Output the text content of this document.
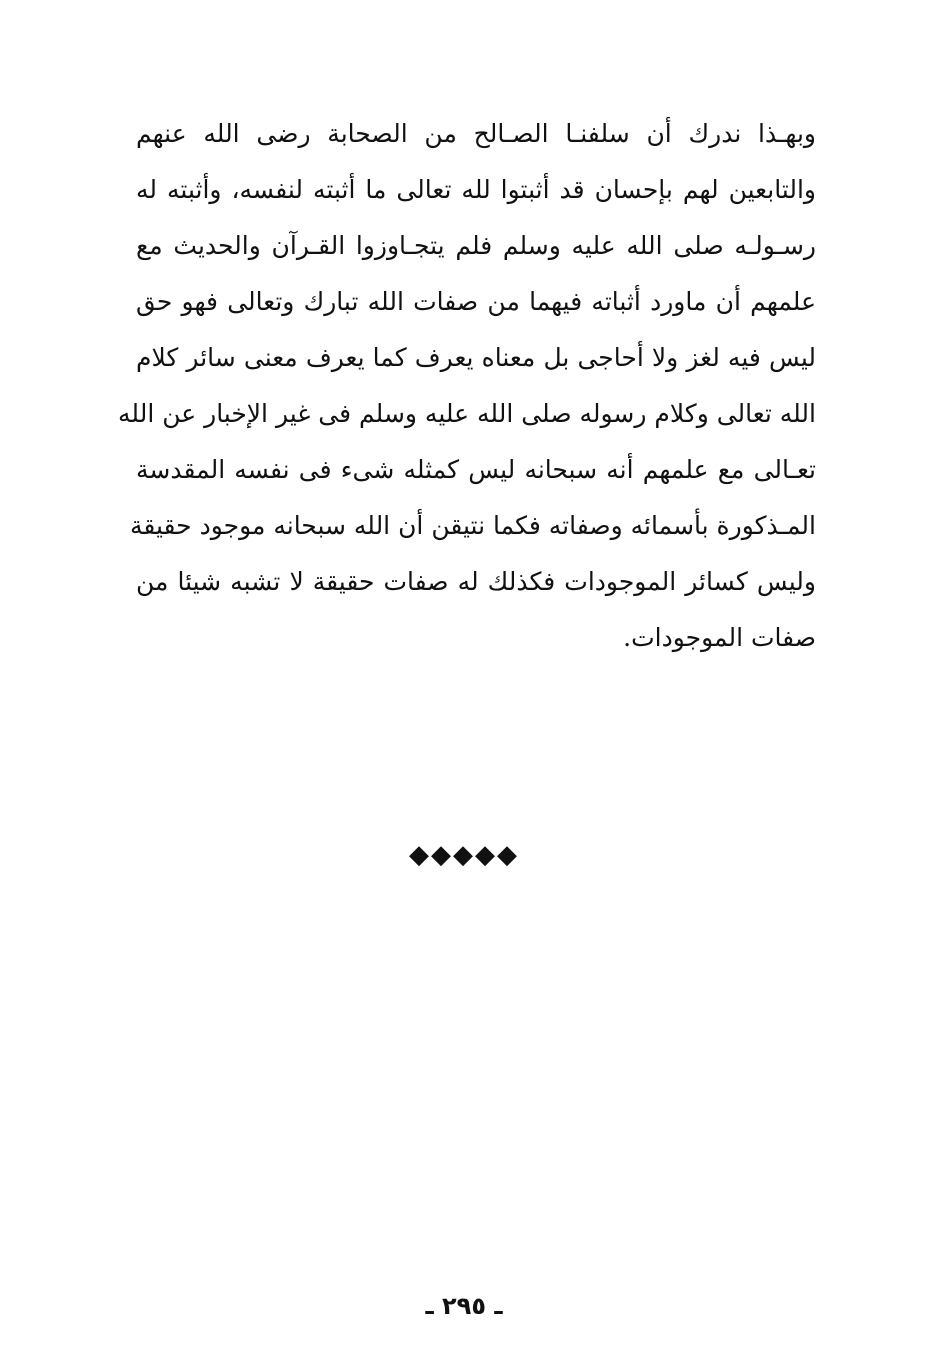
وبهـذا ندرك أن سلفنـا الصـالح من الصحابة رضى الله عنهم
والتابعين لهم بإحسان قد أثبتوا لله تعالى ما أثبته لنفسه، وأثبته له
رسـولـه صلى الله عليه وسلم فلم يتجـاوزوا القـرآن والحديث مع
علمهم أن ماورد أثباته فيهما من صفات الله تبارك وتعالى فهو حق
ليس فيه لغز ولا أحاجى بل معناه يعرف كما يعرف معنى سائر كلام
الله تعالى وكلام رسوله صلى الله عليه وسلم فى غير الإخبار عن الله
تعـالى مع علمهم أنه سبحانه ليس كمثله شىء فى نفسه المقدسة
المـذكورة بأسمائه وصفاته فكما نتيقن أن الله سبحانه موجود حقيقة
وليس كسائر الموجودات فكذلك له صفات حقيقة لا تشبه شيئا من
صفات الموجودات.
◆◆◆◆◆
ـ ٢٩٥ ـ
